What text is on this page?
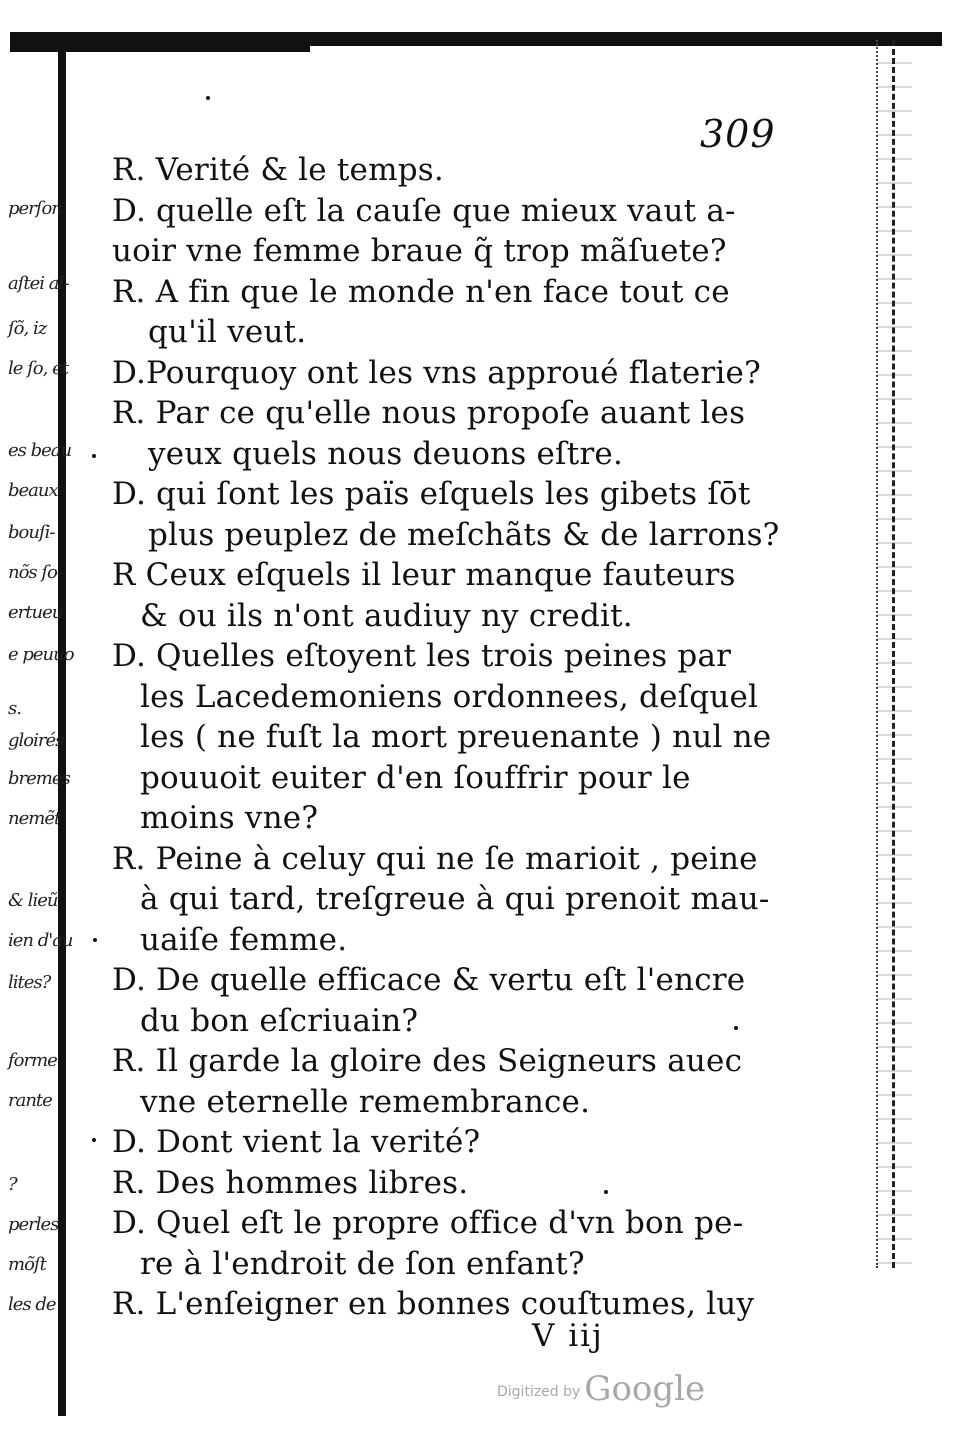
perſon
aſtei al-
ſõ, iz
le ſo, et
es beau
beaux
bouſi-
nõs ſo-
ertueu
e peuuo
s.
gloirés
bremes
nemẽt
& lieũ
ien d'au
lites?
forme
rante
?
perles
mõſt
les de
309
R. Verité & le temps.
D. quelle eſt la cauſe que mieux vaut a-
uoir vne femme braue q̃ trop mãſuete?
R. A fin que le monde n'en face tout ce
qu'il veut.
D.Pourquoy ont les vns approué flaterie?
R. Par ce qu'elle nous propoſe auant les
yeux quels nous deuons eſtre.
D. qui ſont les païs eſquels les gibets ſōt
plus peuplez de meſchãts & de larrons?
R Ceux eſquels il leur manque fauteurs
& ou ils n'ont audiuy ny credit.
D. Quelles eſtoyent les trois peines par
les Lacedemoniens ordonnees, deſquel
les ( ne fuſt la mort preuenante ) nul ne
pouuoit euiter d'en ſouffrir pour le
moins vne?
R. Peine à celuy qui ne ſe marioit , peine
à qui tard, treſgreue à qui prenoit mau-
uaiſe femme.
D. De quelle efficace & vertu eſt l'encre
du bon eſcriuain?
R. Il garde la gloire des Seigneurs auec
vne eternelle remembrance.
D. Dont vient la verité?
R. Des hommes libres.
D. Quel eſt le propre office d'vn bon pe-
re à l'endroit de ſon enfant?
R. L'enſeigner en bonnes couſtumes, luy
V iij
Digitized by Google
